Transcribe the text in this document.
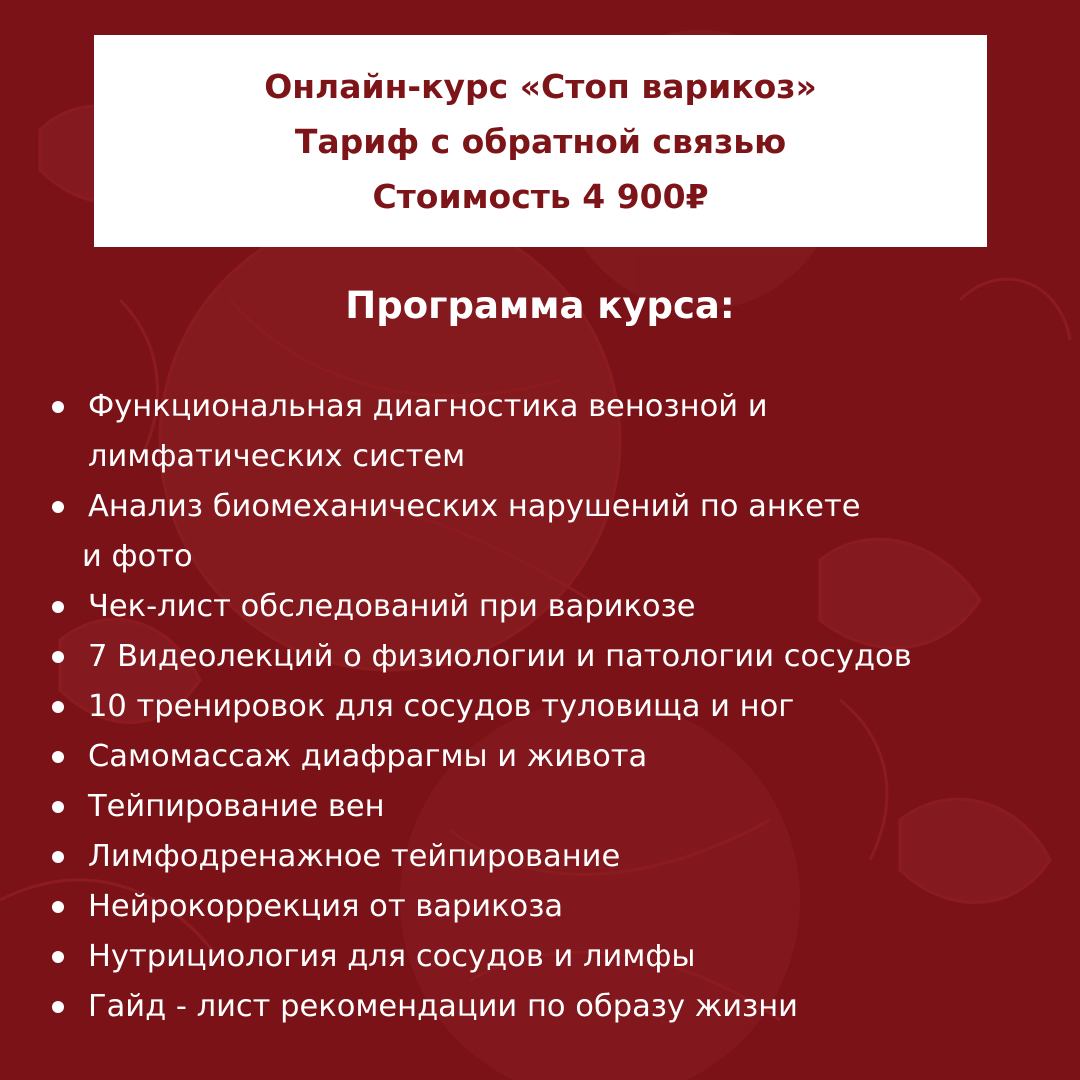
Онлайн-курс «Стоп варикоз»
Тариф с обратной связью
Стоимость 4 900₽
Программа курса:
Функциональная диагностика венозной и
лимфатических систем
Анализ биомеханических нарушений по анкете
и фото
Чек-лист обследований при варикозе
7 Видеолекций о физиологии и патологии сосудов
10 тренировок для сосудов туловища и ног
Самомассаж диафрагмы и живота
Тейпирование вен
Лимфодренажное тейпирование
Нейрокоррекция от варикоза
Нутрициология для сосудов и лимфы
Гайд - лист рекомендации по образу жизни
